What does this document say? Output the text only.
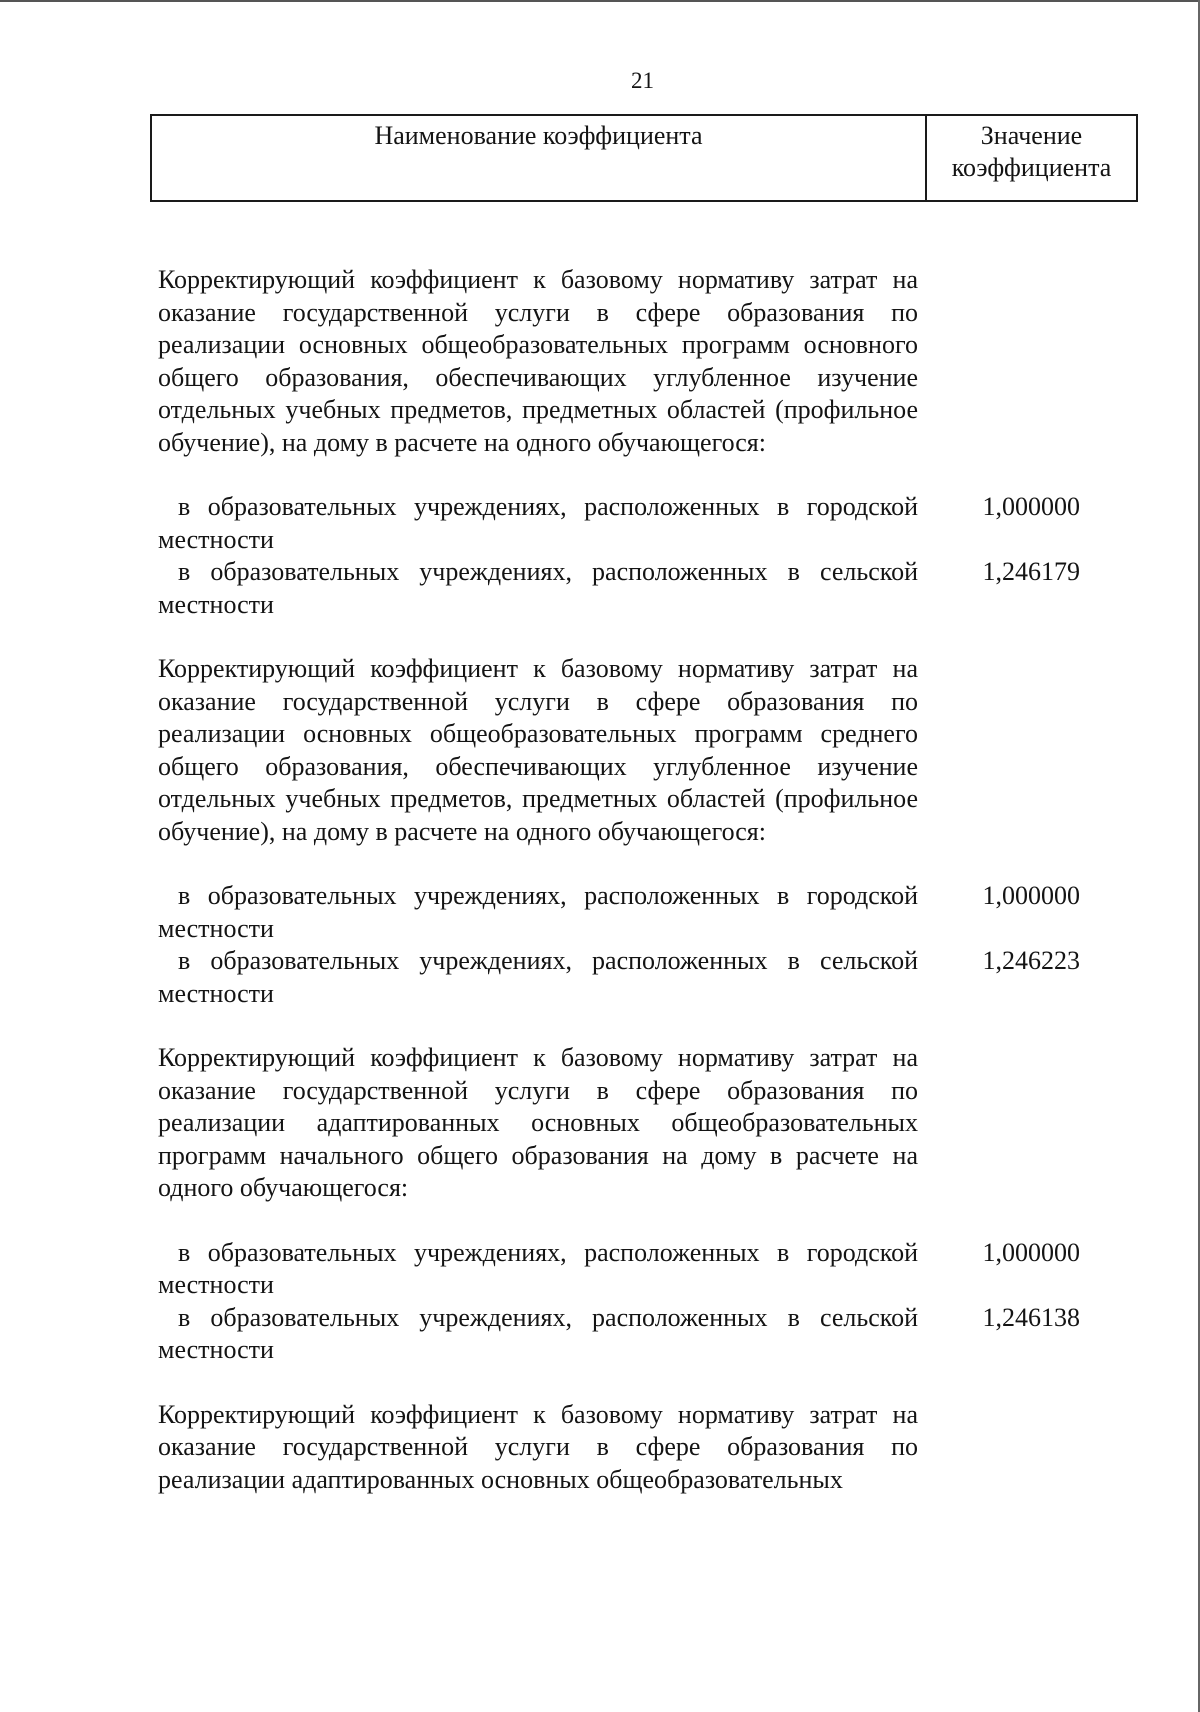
21
Наименование коэффициента	Значение
коэффициента

Корректирующий коэффициент к базовому нормативу затрат на оказание государственной услуги в сфере образования по реализации основных общеобразовательных программ основного общего образования, обеспечивающих углубленное изучение отдельных учебных предметов, предметных областей (профильное обучение), на дому в расчете на одного обучающегося:

в образовательных учреждениях, расположенных в городской местности

1,000000

в образовательных учреждениях, расположенных в сельской местности

1,246179

Корректирующий коэффициент к базовому нормативу затрат на оказание государственной услуги в сфере образования по реализации основных общеобразовательных программ среднего общего образования, обеспечивающих углубленное изучение отдельных учебных предметов, предметных областей (профильное обучение), на дому в расчете на одного обучающегося:

в образовательных учреждениях, расположенных в городской местности

1,000000

в образовательных учреждениях, расположенных в сельской местности

1,246223

Корректирующий коэффициент к базовому нормативу затрат на оказание государственной услуги в сфере образования по реализации адаптированных основных общеобразовательных программ начального общего образования на дому в расчете на одного обучающегося:

в образовательных учреждениях, расположенных в городской местности

1,000000

в образовательных учреждениях, расположенных в сельской местности

1,246138

Корректирующий коэффициент к базовому нормативу затрат на оказание государственной услуги в сфере образования по реализации адаптированных основных общеобразовательных
